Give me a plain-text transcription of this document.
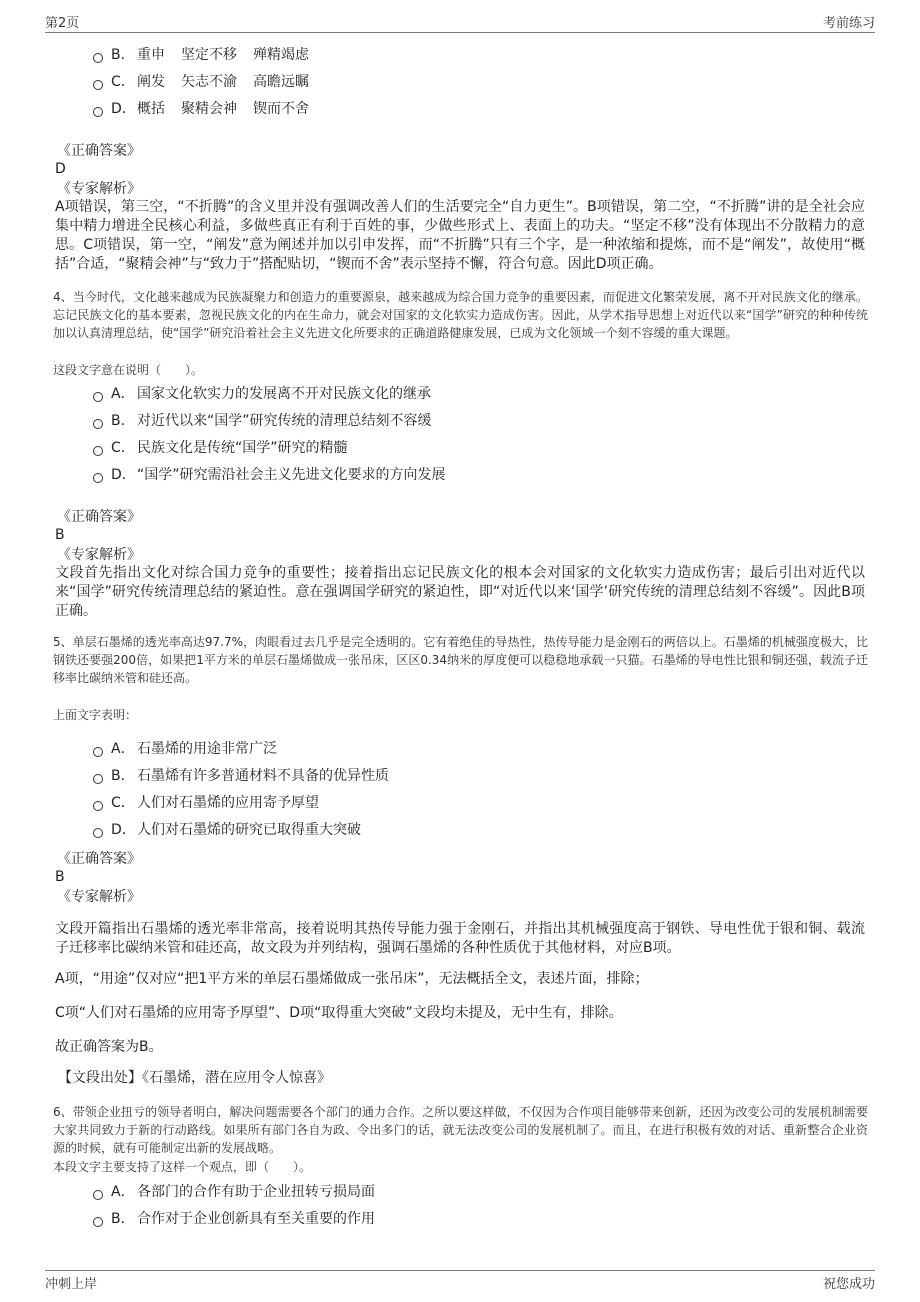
第2页	考前练习
B． 重申 坚定不移 殚精竭虑
C． 阐发 矢志不渝 高瞻远瞩
D．概括 聚精会神 锲而不舍
《正确答案》
D
《专家解析》
A项错误，第三空，“不折腾”的含义里并没有强调改善人们的生活要完全“自力更生”。B项错误，第二空，“不折腾”讲的是全社会应集中精力增进全民核心利益，多做些真正有利于百姓的事，少做些形式上、表面上的功夫。“坚定不移”没有体现出不分散精力的意思。C项错误，第一空，“阐发”意为阐述并加以引申发挥，而“不折腾”只有三个字，是一种浓缩和提炼，而不是“阐发”，故使用“概括”合适，“聚精会神”与“致力于”搭配贴切，“锲而不舍”表示坚持不懈，符合句意。因此D项正确。
4、当今时代，文化越来越成为民族凝聚力和创造力的重要源泉，越来越成为综合国力竞争的重要因素，而促进文化繁荣发展，离不开对民族文化的继承。忘记民族文化的基本要素，忽视民族文化的内在生命力，就会对国家的文化软实力造成伤害。因此，从学术指导思想上对近代以来“国学”研究的种种传统加以认真清理总结，使“国学”研究沿着社会主义先进文化所要求的正确道路健康发展，已成为文化领域一个刻不容缓的重大课题。
这段文字意在说明（　　）。
A． 国家文化软实力的发展离不开对民族文化的继承
B． 对近代以来“国学”研究传统的清理总结刻不容缓
C． 民族文化是传统“国学”研究的精髓
D．“国学”研究需沿社会主义先进文化要求的方向发展
《正确答案》
B
《专家解析》
文段首先指出文化对综合国力竞争的重要性；接着指出忘记民族文化的根本会对国家的文化软实力造成伤害；最后引出对近代以来“国学”研究传统清理总结的紧迫性。意在强调国学研究的紧迫性，即“对近代以来‘国学’研究传统的清理总结刻不容缓”。因此B项正确。
5、单层石墨烯的透光率高达97.7%，肉眼看过去几乎是完全透明的。它有着绝佳的导热性，热传导能力是金刚石的两倍以上。石墨烯的机械强度极大，比钢铁还要强200倍，如果把1平方米的单层石墨烯做成一张吊床，区区0.34纳米的厚度便可以稳稳地承载一只猫。石墨烯的导电性比银和铜还强，载流子迁移率比碳纳米管和硅还高。
上面文字表明：
A． 石墨烯的用途非常广泛
B． 石墨烯有许多普通材料不具备的优异性质
C． 人们对石墨烯的应用寄予厚望
D．人们对石墨烯的研究已取得重大突破
《正确答案》
B
《专家解析》
文段开篇指出石墨烯的透光率非常高，接着说明其热传导能力强于金刚石，并指出其机械强度高于钢铁、导电性优于银和铜、载流子迁移率比碳纳米管和硅还高，故文段为并列结构，强调石墨烯的各种性质优于其他材料，对应B项。
A项，“用途”仅对应“把1平方米的单层石墨烯做成一张吊床”，无法概括全文，表述片面，排除；
C项“人们对石墨烯的应用寄予厚望”、D项“取得重大突破”文段均未提及，无中生有，排除。
故正确答案为B。
【文段出处】《石墨烯，潜在应用令人惊喜》
6、带领企业扭亏的领导者明白，解决问题需要各个部门的通力合作。之所以要这样做，不仅因为合作项目能够带来创新，还因为改变公司的发展机制需要大家共同致力于新的行动路线。如果所有部门各自为政、令出多门的话，就无法改变公司的发展机制了。而且，在进行积极有效的对话、重新整合企业资源的时候，就有可能制定出新的发展战略。
本段文字主要支持了这样一个观点，即（　　）。
A． 各部门的合作有助于企业扭转亏损局面
B． 合作对于企业创新具有至关重要的作用
冲刺上岸	祝您成功
